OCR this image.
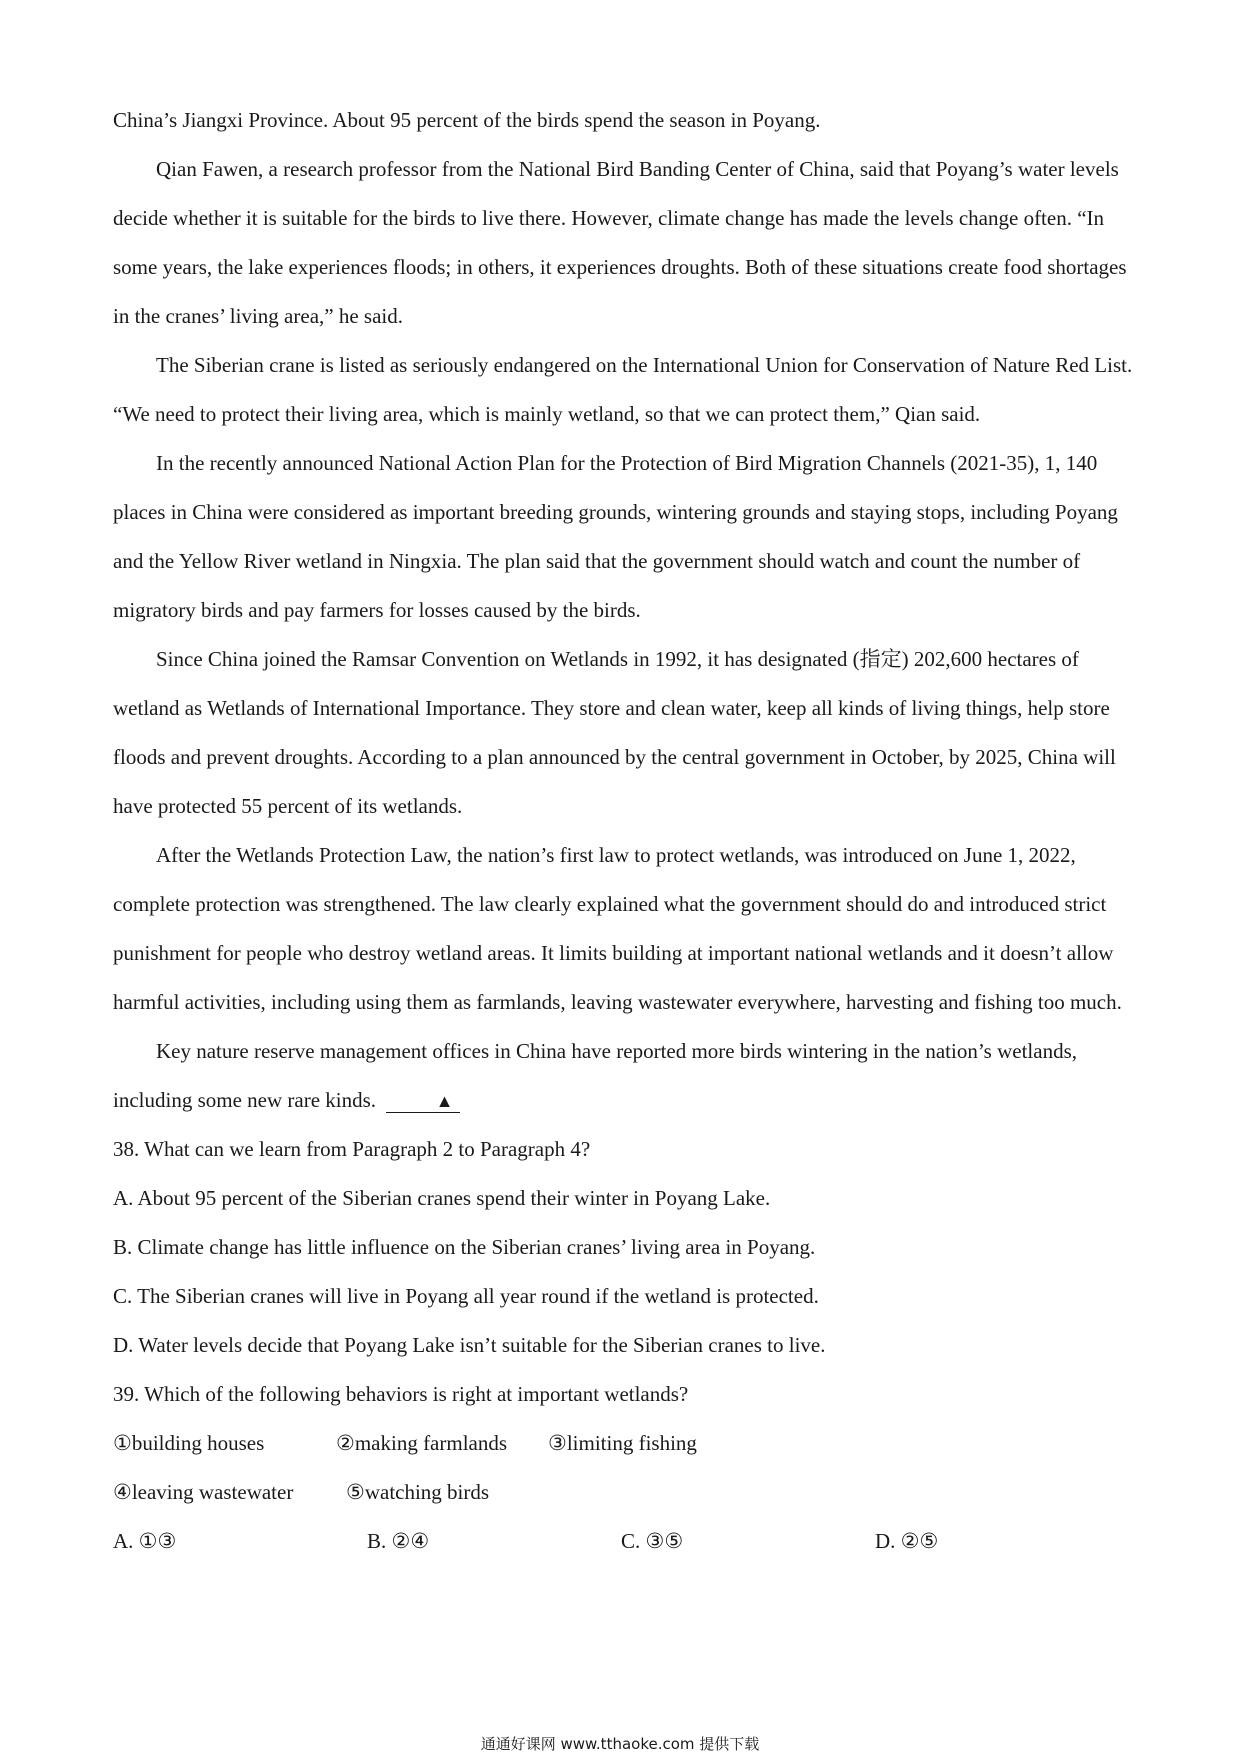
China’s Jiangxi Province. About 95 percent of the birds spend the season in Poyang.

Qian Fawen, a research professor from the National Bird Banding Center of China, said that Poyang’s water levels decide whether it is suitable for the birds to live there. However, climate change has made the levels change often. “In some years, the lake experiences floods; in others, it experiences droughts. Both of these situations create food shortages in the cranes’ living area,” he said.

The Siberian crane is listed as seriously endangered on the International Union for Conservation of Nature Red List. “We need to protect their living area, which is mainly wetland, so that we can protect them,” Qian said.

In the recently announced National Action Plan for the Protection of Bird Migration Channels (2021-35), 1, 140 places in China were considered as important breeding grounds, wintering grounds and staying stops, including Poyang and the Yellow River wetland in Ningxia. The plan said that the government should watch and count the number of migratory birds and pay farmers for losses caused by the birds.

Since China joined the Ramsar Convention on Wetlands in 1992, it has designated (指定) 202,600 hectares of wetland as Wetlands of International Importance. They store and clean water, keep all kinds of living things, help store floods and prevent droughts. According to a plan announced by the central government in October, by 2025, China will have protected 55 percent of its wetlands.

After the Wetlands Protection Law, the nation’s first law to protect wetlands, was introduced on June 1, 2022, complete protection was strengthened. The law clearly explained what the government should do and introduced strict punishment for people who destroy wetland areas. It limits building at important national wetlands and it doesn’t allow harmful activities, including using them as farmlands, leaving wastewater everywhere, harvesting and fishing too much.

Key nature reserve management offices in China have reported more birds wintering in the nation’s wetlands, including some new rare kinds.	▲

38. What can we learn from Paragraph 2 to Paragraph 4?

A. About 95 percent of the Siberian cranes spend their winter in Poyang Lake.

B. Climate change has little influence on the Siberian cranes’ living area in Poyang.

C. The Siberian cranes will live in Poyang all year round if the wetland is protected.

D. Water levels decide that Poyang Lake isn’t suitable for the Siberian cranes to live.

39. Which of the following behaviors is right at important wetlands?

①building houses	②making farmlands	③limiting fishing
④leaving wastewater	⑤watching birds
A. ①③	B. ②④	C. ③⑤	D. ②⑤
通通好课网 www.tthaoke.com 提供下载
